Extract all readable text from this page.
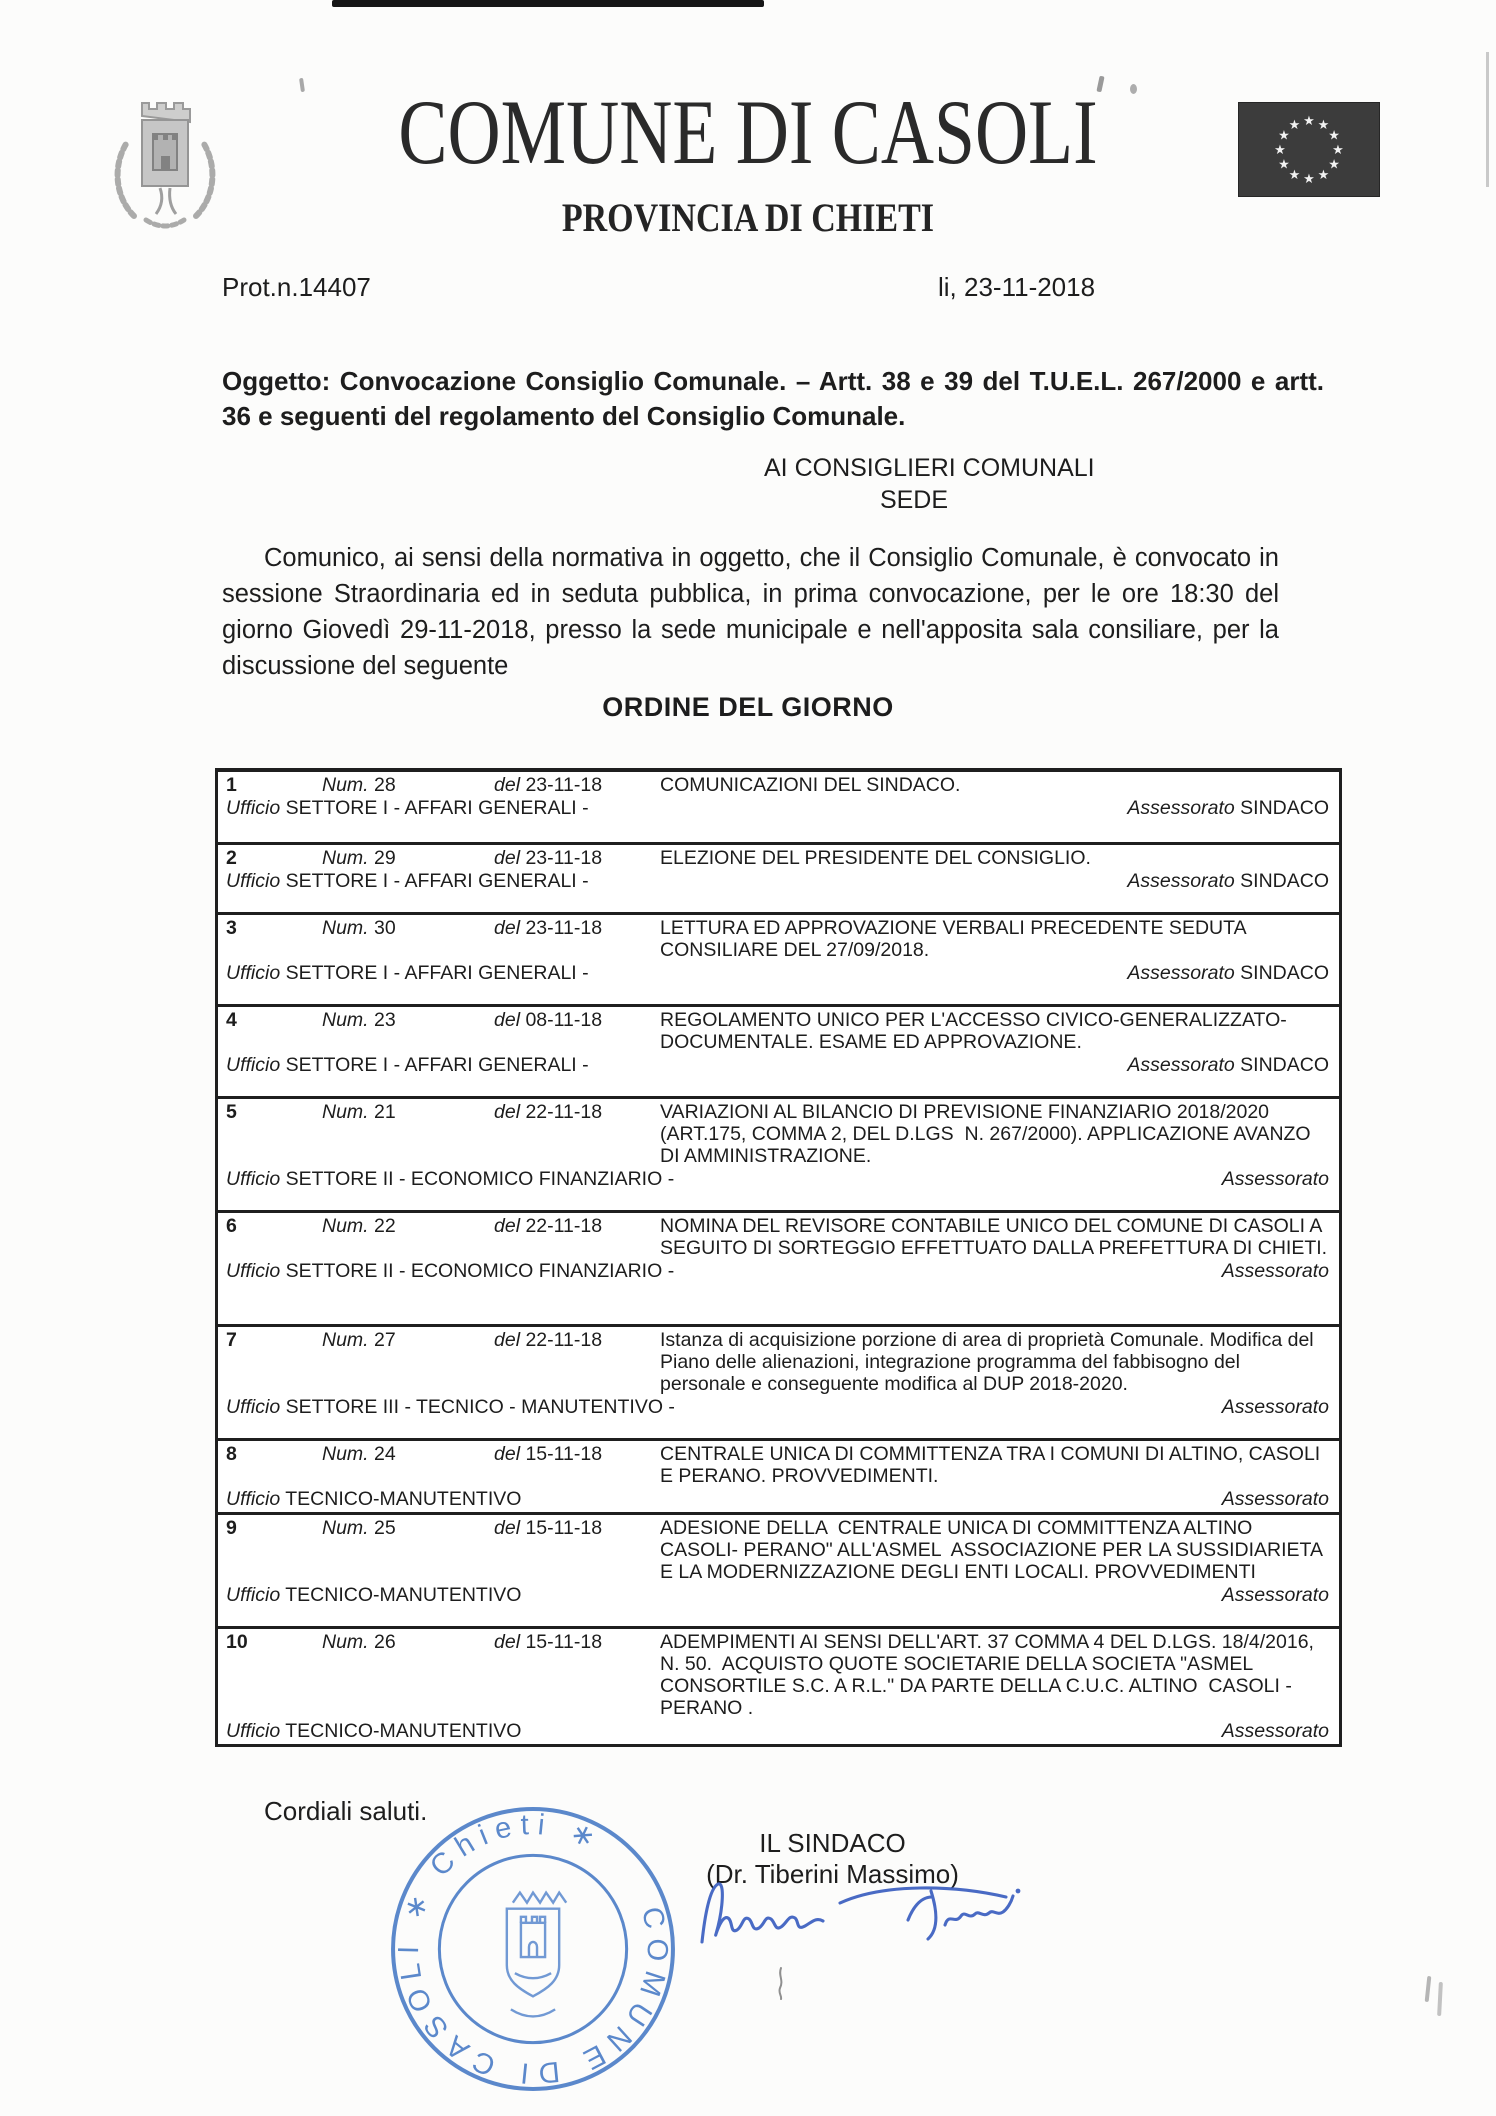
COMUNE DI CASOLI
PROVINCIA DI CHIETI
★ ★
★
★
★
★
★
★
★
★
★
★
Prot.n.14407	li, 23-11-2018
Oggetto: Convocazione Consiglio Comunale. – Artt. 38 e 39 del T.U.E.L. 267/2000 e artt. 36 e seguenti del regolamento del Consiglio Comunale.
AI CONSIGLIERI COMUNALI
SEDE
Comunico, ai sensi della normativa in oggetto, che il Consiglio Comunale, è convocato in sessione Straordinaria ed in seduta pubblica, in prima convocazione, per le ore 18:30 del giorno Giovedì 29-11-2018, presso la sede municipale e nell'apposita sala consiliare, per la discussione del seguente
ORDINE DEL GIORNO
1	Num. 28	del 23-11-18	COMUNICAZIONI DEL SINDACO.
Ufficio SETTORE I - AFFARI GENERALI -	Assessorato SINDACO
2	Num. 29	del 23-11-18	ELEZIONE DEL PRESIDENTE DEL CONSIGLIO.
Ufficio SETTORE I - AFFARI GENERALI -	Assessorato SINDACO
3	Num. 30	del 23-11-18	LETTURA ED APPROVAZIONE VERBALI PRECEDENTE SEDUTA CONSILIARE DEL 27/09/2018.
Ufficio SETTORE I - AFFARI GENERALI -	Assessorato SINDACO
4	Num. 23	del 08-11-18	REGOLAMENTO UNICO PER L'ACCESSO CIVICO-GENERALIZZATO-DOCUMENTALE. ESAME ED APPROVAZIONE.
Ufficio SETTORE I - AFFARI GENERALI -	Assessorato SINDACO
5	Num. 21	del 22-11-18	VARIAZIONI AL BILANCIO DI PREVISIONE FINANZIARIO 2018/2020 (ART.175, COMMA 2, DEL D.LGS  N. 267/2000). APPLICAZIONE AVANZO DI AMMINISTRAZIONE.
Ufficio SETTORE II - ECONOMICO FINANZIARIO -	Assessorato
6	Num. 22	del 22-11-18	NOMINA DEL REVISORE CONTABILE UNICO DEL COMUNE DI CASOLI A SEGUITO DI SORTEGGIO EFFETTUATO DALLA PREFETTURA DI CHIETI.
Ufficio SETTORE II - ECONOMICO FINANZIARIO -	Assessorato
7	Num. 27	del 22-11-18	Istanza di acquisizione porzione di area di proprietà Comunale. Modifica del Piano delle alienazioni, integrazione programma del fabbisogno del personale e conseguente modifica al DUP 2018-2020.
Ufficio SETTORE III - TECNICO - MANUTENTIVO -	Assessorato
8	Num. 24	del 15-11-18	CENTRALE UNICA DI COMMITTENZA TRA I COMUNI DI ALTINO, CASOLI E PERANO. PROVVEDIMENTI.
Ufficio TECNICO-MANUTENTIVO	Assessorato
9	Num. 25	del 15-11-18	ADESIONE DELLA  CENTRALE UNICA DI COMMITTENZA ALTINO CASOLI- PERANO" ALL'ASMEL  ASSOCIAZIONE PER LA SUSSIDIARIETA E LA MODERNIZZAZIONE DEGLI ENTI LOCALI. PROVVEDIMENTI
Ufficio TECNICO-MANUTENTIVO	Assessorato
10	Num. 26	del 15-11-18	ADEMPIMENTI AI SENSI DELL'ART. 37 COMMA 4 DEL D.LGS. 18/4/2016, N. 50.  ACQUISTO QUOTE SOCIETARIE DELLA SOCIETA "ASMEL CONSORTILE S.C. A R.L." DA PARTE DELLA C.U.C. ALTINO  CASOLI - PERANO .
Ufficio TECNICO-MANUTENTIVO	Assessorato
Cordiali saluti.
COMUNE DI CASOLI ∗ Chieti ∗	IL SINDACO
(Dr. Tiberini Massimo)
